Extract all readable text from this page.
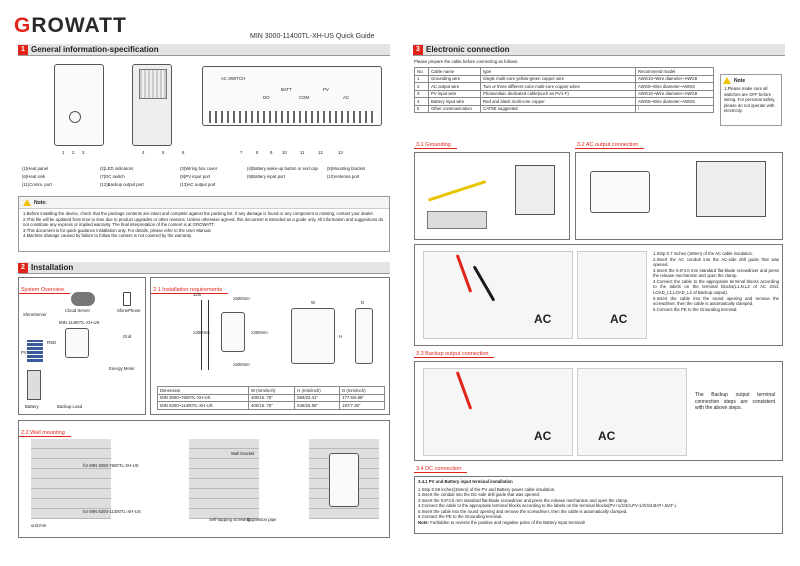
GROWATT	MIN 3000-11400TL-XH-US Quick Guide
1 General information-specification
AC SWITCH
DO
BATT
COM
PV
AC
1 2 3	4	5	6	7	8	9 10	11	12	13
(1)Heat panel	(2)LED indicators	(3)Wiring box cover	(4)Battery wake-up button or end cap (5)Mounting bracket
(6)Heat sink	(7)DC switch	(8)PV input port	(9)Battery input port	(10)Antenna port
(11)Comm. port	(12)Backup output port	(13)AC output port
Note:
1.Before installing the device, check that the package contents are intact and complete against the packing list. If any damage is found or any component is missing, contact your dealer.
2.This file will be updated from time to time due to product upgrades or other reasons. Unless otherwise agreed, this document is intended as a guide only. All information and suggestions do not constitute any express or implied warranty. The final interpretation of the content is at GROWATT.
3.This document is for quick guidance installation only. For details, please refer to the User Manual.
4.Machine damage caused by failure to follow the content is not covered by the warranty.
2 Installation
System Overview
ShineServer
Cloud Server	ShinePhone
MIN 11400TL-XH-US
PV
RSD
Grid
Energy Meter
Battery	Backup Load
2.1 Installation requirements
12in
≥500mm
≥300mm	≥300mm
≥500mm
W
H
D
Dimension	W (mm/inch)	H (mm/inch)	D (mm/inch)
MIN 3000~7600TL-XH-US	400/15. 75"	569/22.41"	177.5/6.98"
MIN 8200~11400TL-XH-US	400/15. 75"	649/25.55"	187/7.36"
2.2 Wall mounting
for MIN 3000-7600TL-XH-US
for MIN 8200-11400TL-XH-US
unit:mm
Wall bracket
Self-tapping screwing
Expansion pipe
3 Electronic connection
Please prepare the cable before connecting as follows.
No.	Cable name	type	Recommend model
1	Grounding wire	Single multi-core yellow-green copper wire	AWG10~Wire diameter~AWG8
2	AC output wire	Two or three different color multi-core copper wires	AWG8~Wire diameter~AWG6
3	PV input wire	Photovoltaic dedicated cable(such as PV1-F)	AWG10~Wire diameter~AWG8
4	Battery input wire	Red and black multi-core copper	AWG8~Wire diameter~AWG6
5	Other communication	CAT5E suggested	/
Note
1.Please make sure all switches are OFF before wiring. For personal safety, please do not operate with electricity.
3.1 Grounding	3.2 AC output connection
AC	AC
1.Strip 0.7 inches (18mm) of the AC cable insulation.
2.Insert the AC conduit into the AC-side drill guide that was opened.
3.Insert the 0.6*4.0 mm standard flat-blade screwdriver and press the release mechanism and open the clamp.
4.Connect the cable to the appropriate terminal blocks according to the labels on the terminal blocks(L1,N,L2 of AC Grid, LOAD_L1,LOAD_L2 of Backup output).
5.Insert the cable into the round opening and remove the screwdriver, then the cable is automatically clamped.
6.Connect the PE to the Grounding terminal.
3.3 Backup output connection
AC	AC
The Backup output terminal connection steps are consistent with the above steps.
3.4 DC connection
3.4.1 PV and Battery input terminal installation
1.Strip 0.59 inches(15mm) of the PV and Battery power cable insulation.
2.Insert the conduit into the DC-side drill guide that was opened.
3.Insert the 0.6*3.5 mm standard flat-blade screwdriver and press the release mechanism and open the clamp.
4.Connect the cable to the appropriate terminal blocks according to the labels on the terminal blocks(PV+1/2/3/4,PV-1/2/3/4,BAT+,BAT-).
5.Insert the cable into the round opening and remove the screwdriver, then the cable is automatically clamped.
6.Connect the PE to the Grounding terminal.
Note: Forbidden to reverse the positive and negative poles of the Battery input terminal!
